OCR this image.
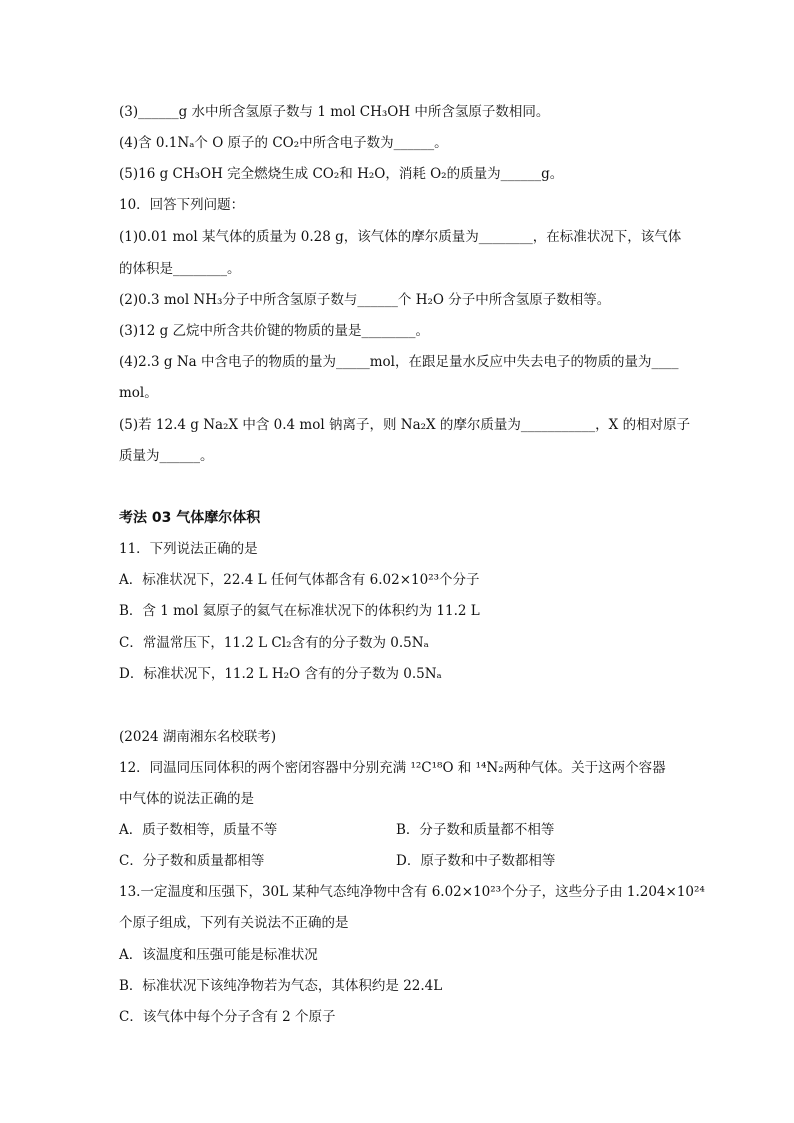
(3)______g 水中所含氢原子数与 1 mol CH₃OH 中所含氢原子数相同。
(4)含 0.1Nₐ个 O 原子的 CO₂中所含电子数为______。
(5)16 g CH₃OH 完全燃烧生成 CO₂和 H₂O，消耗 O₂的质量为______g。
10．回答下列问题：
(1)0.01 mol 某气体的质量为 0.28 g，该气体的摩尔质量为________，在标准状况下，该气体
的体积是________。
(2)0.3 mol NH₃分子中所含氢原子数与______个 H₂O 分子中所含氢原子数相等。
(3)12 g 乙烷中所含共价键的物质的量是________。
(4)2.3 g Na 中含电子的物质的量为_____mol，在跟足量水反应中失去电子的物质的量为____
mol。
(5)若 12.4 g Na₂X 中含 0.4 mol 钠离子，则 Na₂X 的摩尔质量为___________，X 的相对原子
质量为______。
考法 03 气体摩尔体积
11．下列说法正确的是
A．标准状况下，22.4 L 任何气体都含有 6.02×10²³个分子
B．含 1 mol 氦原子的氦气在标准状况下的体积约为 11.2 L
C．常温常压下，11.2 L Cl₂含有的分子数为 0.5Nₐ
D．标准状况下，11.2 L H₂O 含有的分子数为 0.5Nₐ
(2024 湖南湘东名校联考)
12．同温同压同体积的两个密闭容器中分别充满 ¹²C¹⁸O 和 ¹⁴N₂两种气体。关于这两个容器
中气体的说法正确的是
A．质子数相等，质量不等	B．分子数和质量都不相等
C．分子数和质量都相等	D．原子数和中子数都相等
13.一定温度和压强下，30L 某种气态纯净物中含有 6.02×10²³个分子，这些分子由 1.204×10²⁴
个原子组成，下列有关说法不正确的是
A．该温度和压强可能是标准状况
B．标准状况下该纯净物若为气态，其体积约是 22.4L
C．该气体中每个分子含有 2 个原子
